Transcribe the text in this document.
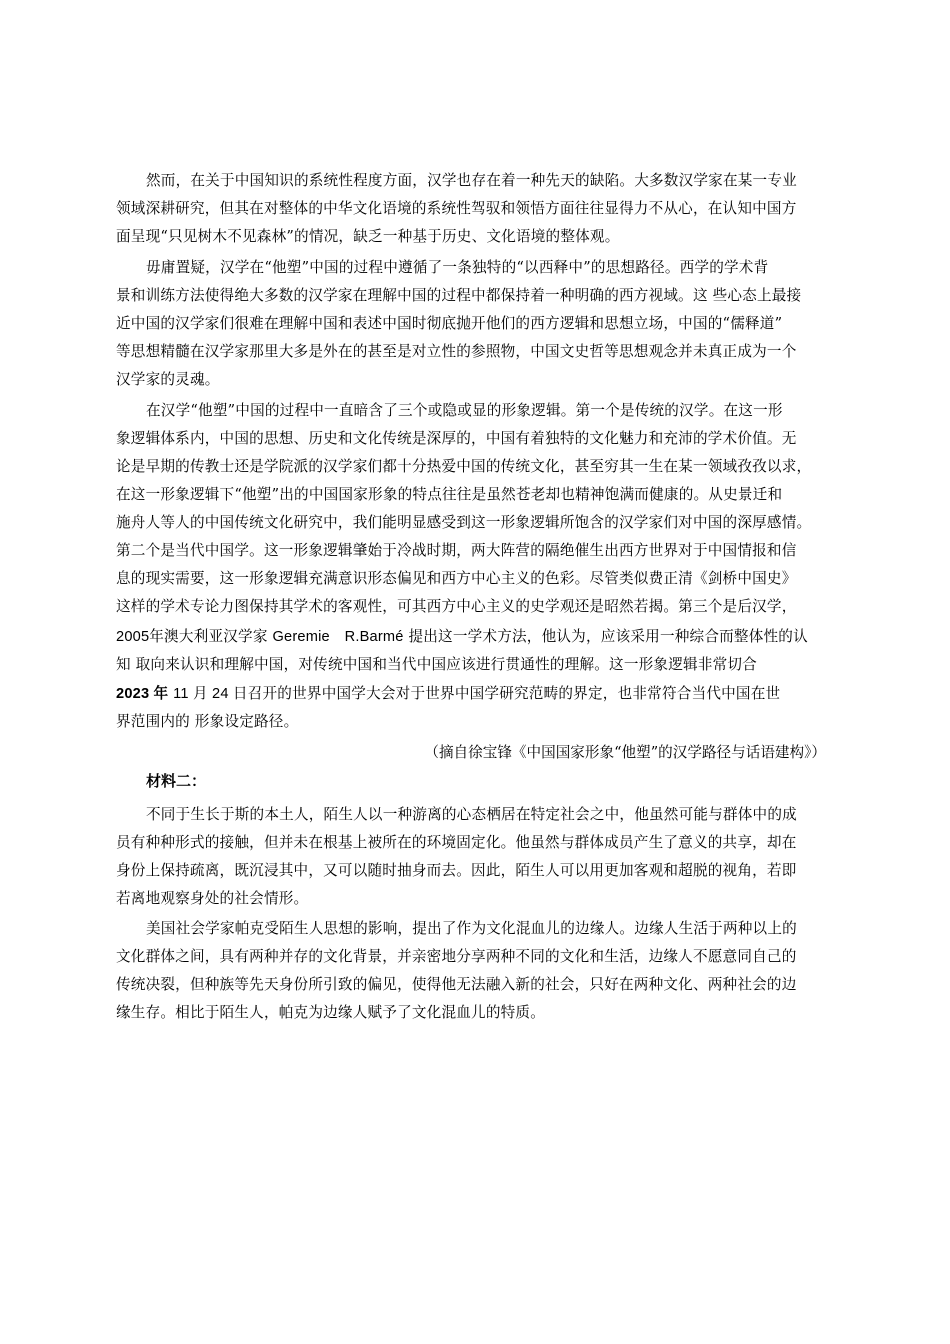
然而，在关于中国知识的系统性程度方面，汉学也存在着一种先天的缺陷。大多数汉学家在某一专业
领域深耕研究，但其在对整体的中华文化语境的系统性驾驭和领悟方面往往显得力不从心，在认知中国方
面呈现“只见树木不见森林”的情况，缺乏一种基于历史、文化语境的整体观。
毋庸置疑，汉学在“他塑”中国的过程中遵循了一条独特的“以西释中”的思想路径。西学的学术背
景和训练方法使得绝大多数的汉学家在理解中国的过程中都保持着一种明确的西方视域。这 些心态上最接
近中国的汉学家们很难在理解中国和表述中国时彻底抛开他们的西方逻辑和思想立场，中国的“儒释道”
等思想精髓在汉学家那里大多是外在的甚至是对立性的参照物，中国文史哲等思想观念并未真正成为一个
汉学家的灵魂。
在汉学“他塑”中国的过程中一直暗含了三个或隐或显的形象逻辑。第一个是传统的汉学。在这一形
象逻辑体系内，中国的思想、历史和文化传统是深厚的，中国有着独特的文化魅力和充沛的学术价值。无
论是早期的传教士还是学院派的汉学家们都十分热爱中国的传统文化，甚至穷其一生在某一领域孜孜以求，
在这一形象逻辑下“他塑”出的中国国家形象的特点往往是虽然苍老却也精神饱满而健康的。从史景迁和
施舟人等人的中国传统文化研究中，我们能明显感受到这一形象逻辑所饱含的汉学家们对中国的深厚感情。
第二个是当代中国学。这一形象逻辑肇始于冷战时期，两大阵营的隔绝催生出西方世界对于中国情报和信
息的现实需要，这一形象逻辑充满意识形态偏见和西方中心主义的色彩。尽管类似费正清《剑桥中国史》
这样的学术专论力图保持其学术的客观性，可其西方中心主义的史学观还是昭然若揭。第三个是后汉学，
2005年澳大利亚汉学家 Geremie　R.Barmé 提出这一学术方法，他认为，应该采用一种综合而整体性的认
知 取向来认识和理解中国，对传统中国和当代中国应该进行贯通性的理解。这一形象逻辑非常切合
2023 年 11 月 24 日召开的世界中国学大会对于世界中国学研究范畴的界定，也非常符合当代中国在世
界范围内的 形象设定路径。
（摘自徐宝锋《中国国家形象“他塑”的汉学路径与话语建构》）
材料二：
不同于生长于斯的本土人，陌生人以一种游离的心态栖居在特定社会之中，他虽然可能与群体中的成
员有种种形式的接触，但并未在根基上被所在的环境固定化。他虽然与群体成员产生了意义的共享，却在
身份上保持疏离，既沉浸其中，又可以随时抽身而去。因此，陌生人可以用更加客观和超脱的视角，若即
若离地观察身处的社会情形。
美国社会学家帕克受陌生人思想的影响，提出了作为文化混血儿的边缘人。边缘人生活于两种以上的
文化群体之间，具有两种并存的文化背景，并亲密地分享两种不同的文化和生活，边缘人不愿意同自己的
传统决裂，但种族等先天身份所引致的偏见，使得他无法融入新的社会，只好在两种文化、两种社会的边
缘生存。相比于陌生人，帕克为边缘人赋予了文化混血儿的特质。
